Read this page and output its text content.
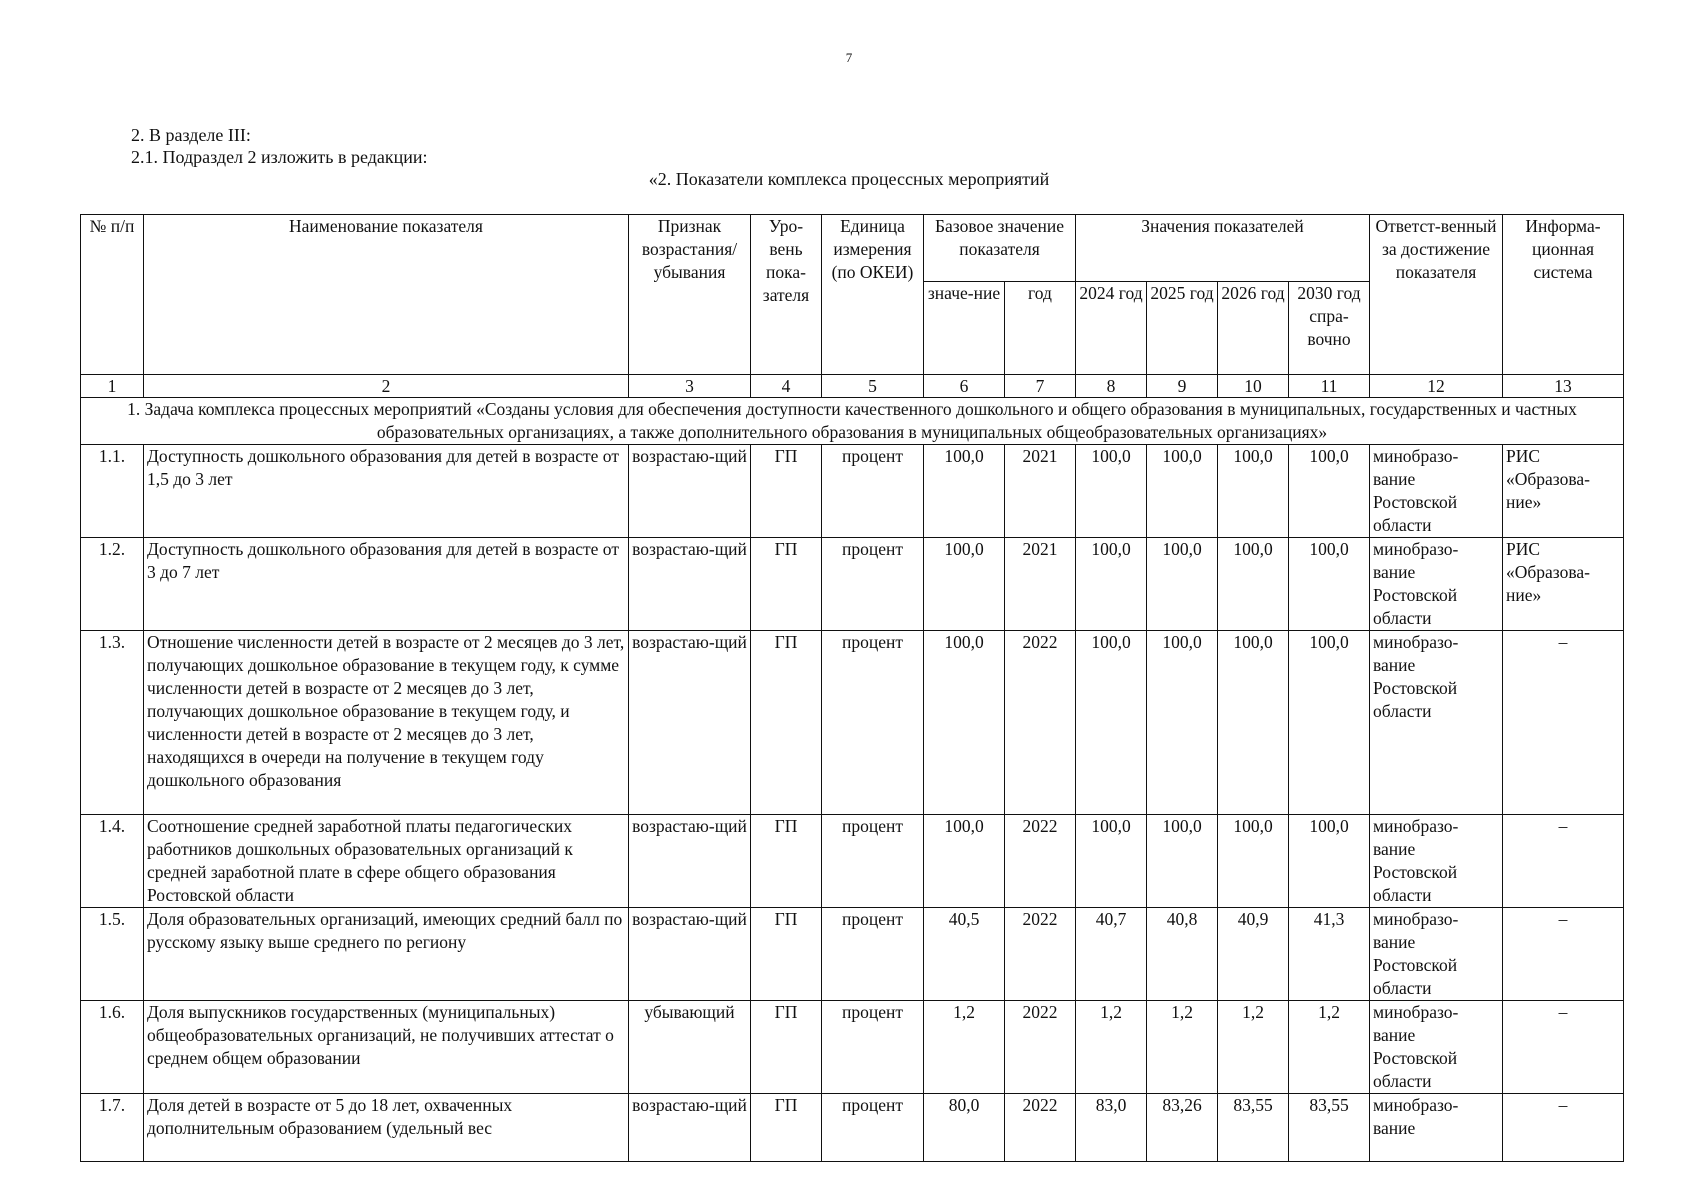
7
2. В разделе III:
2.1. Подраздел 2 изложить в редакции:
«2. Показатели комплекса процессных мероприятий
№ п/п	Наименование показателя	Признак возрастания/ убывания	Уро-вень пока-зателя	Единица измерения (по ОКЕИ)	Базовое значение показателя		Значения показателей				Ответст-венный за достижение показателя	Информа-ционная система
					значе-ние	год	2024 год	2025 год	2026 год	2030 год спра-вочно		
1	2	3	4	5	6	7	8	9	10	11	12	13
1. Задача комплекса процессных мероприятий «Созданы условия для обеспечения доступности качественного дошкольного и общего образования в муниципальных, государственных и частных образовательных организациях, а также дополнительного образования в муниципальных общеобразовательных организациях»												
1.1.	Доступность дошкольного образования для детей в возрасте от 1,5 до 3 лет	возрастаю-щий	ГП	процент	100,0	2021	100,0	100,0	100,0	100,0	минобразо-вание Ростовской области	РИС «Образова-ние»
1.2.	Доступность дошкольного образования для детей в возрасте от 3 до 7 лет	возрастаю-щий	ГП	процент	100,0	2021	100,0	100,0	100,0	100,0	минобразо-вание Ростовской области	РИС «Образова-ние»
1.3.	Отношение численности детей в возрасте от 2 месяцев до 3 лет, получающих дошкольное образование в текущем году, к сумме численности детей в возрасте от 2 месяцев до 3 лет, получающих дошкольное образование в текущем году, и численности детей в возрасте от 2 месяцев до 3 лет, находящихся в очереди на получение в текущем году дошкольного образования	возрастаю-щий	ГП	процент	100,0	2022	100,0	100,0	100,0	100,0	минобразо-вание Ростовской области	–
1.4.	Соотношение средней заработной платы педагогических работников дошкольных образовательных организаций к средней заработной плате в сфере общего образования Ростовской области	возрастаю-щий	ГП	процент	100,0	2022	100,0	100,0	100,0	100,0	минобразо-вание Ростовской области	–
1.5.	Доля образовательных организаций, имеющих средний балл по русскому языку выше среднего по региону	возрастаю-щий	ГП	процент	40,5	2022	40,7	40,8	40,9	41,3	минобразо-вание Ростовской области	–
1.6.	Доля выпускников государственных (муниципальных) общеобразовательных организаций, не получивших аттестат о среднем общем образовании	убывающий	ГП	процент	1,2	2022	1,2	1,2	1,2	1,2	минобразо-вание Ростовской области	–
1.7.	Доля детей в возрасте от 5 до 18 лет, охваченных дополнительным образованием (удельный вес	возрастаю-щий	ГП	процент	80,0	2022	83,0	83,26	83,55	83,55	минобразо-вание	–
